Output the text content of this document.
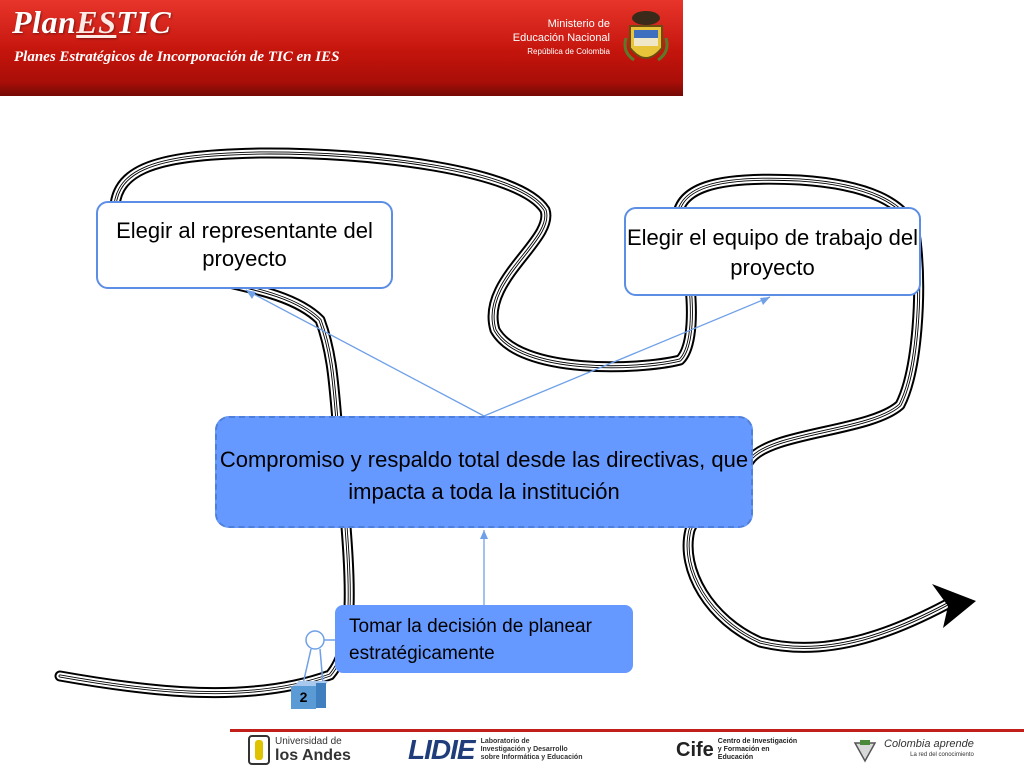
PlanESTIC
Planes Estratégicos de Incorporación de TIC en IES
Ministerio de
Educación Nacional
República de Colombia
Elegir al representante del proyecto
Elegir el equipo de trabajo del proyecto
Compromiso y respaldo total desde las directivas, que impacta a toda la institución
Tomar la decisión de planear estratégicamente
2
Universidad de
los Andes LIDIE Laboratorio de
Investigación y Desarrollo
sobre Informática y Educación	Cife Centro de Investigación
y Formación en Educación
Colombia aprende
La red del conocimiento
